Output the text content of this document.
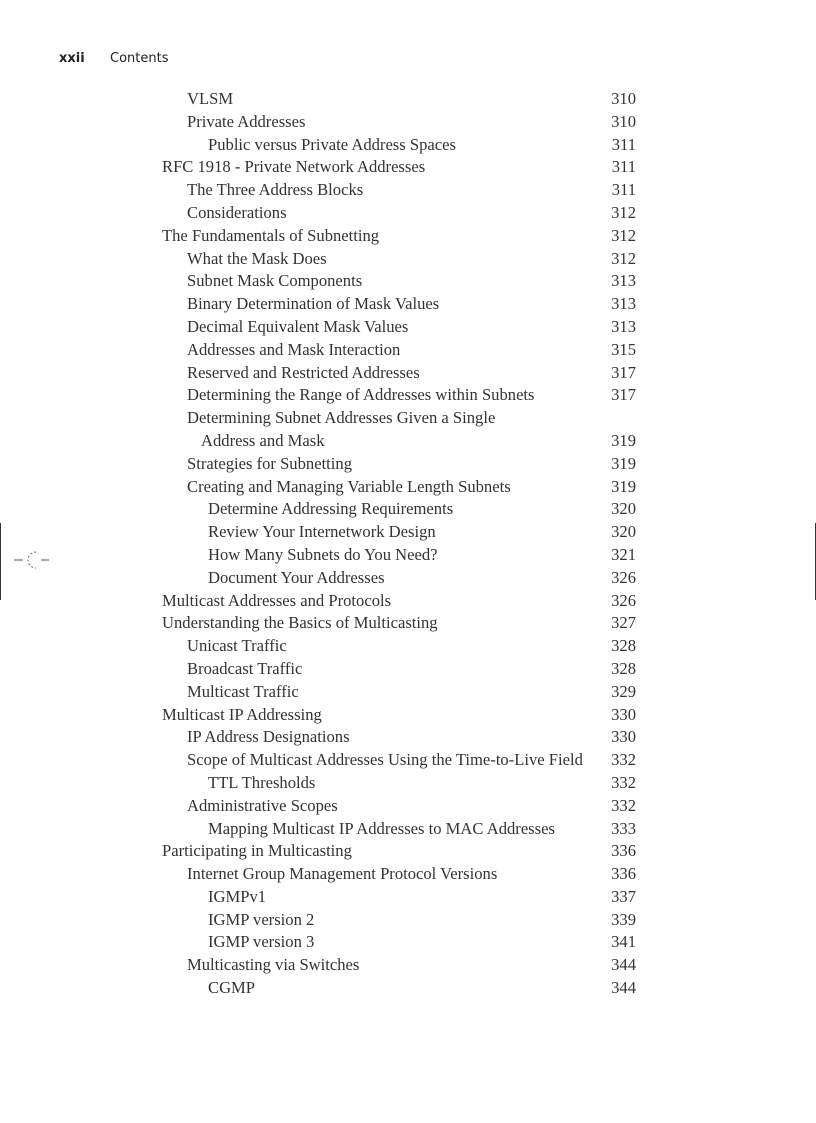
xxii	Contents
VLSM	310
Private Addresses	310
Public versus Private Address Spaces	311
RFC 1918 - Private Network Addresses	311
The Three Address Blocks	311
Considerations	312
The Fundamentals of Subnetting	312
What the Mask Does	312
Subnet Mask Components	313
Binary Determination of Mask Values	313
Decimal Equivalent Mask Values	313
Addresses and Mask Interaction	315
Reserved and Restricted Addresses	317
Determining the Range of Addresses within Subnets	317
Determining Subnet Addresses Given a Single
Address and Mask	319
Strategies for Subnetting	319
Creating and Managing Variable Length Subnets	319
Determine Addressing Requirements	320
Review Your Internetwork Design	320
How Many Subnets do You Need?	321
Document Your Addresses	326
Multicast Addresses and Protocols	326
Understanding the Basics of Multicasting	327
Unicast Traffic	328
Broadcast Traffic	328
Multicast Traffic	329
Multicast IP Addressing	330
IP Address Designations	330
Scope of Multicast Addresses Using the Time-to-Live Field 332
TTL Thresholds	332
Administrative Scopes	332
Mapping Multicast IP Addresses to MAC Addresses	333
Participating in Multicasting	336
Internet Group Management Protocol Versions	336
IGMPv1	337
IGMP version 2	339
IGMP version 3	341
Multicasting via Switches	344
CGMP	344
